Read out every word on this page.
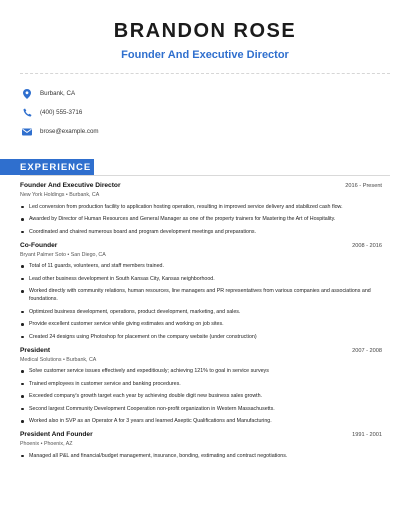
BRANDON ROSE
Founder And Executive Director
Burbank, CA
(400) 555-3716
brose@example.com
EXPERIENCE
Founder And Executive Director	2016 - Present
New York Holdings • Burbank, CA
Led conversion from production facility to application hosting operation, resulting in improved service delivery and stabilized cash flow.
Awarded by Director of Human Resources and General Manager as one of the property trainers for Mastering the Art of Hospitality.
Coordinated and chaired numerous board and program development meetings and preparations.
Co-Founder	2008 - 2016
Bryant Palmer Soto • San Diego, CA
Total of 11 guards, volunteers, and staff members trained.
Lead other business development in South Kansas City, Kansas neighborhood.
Worked directly with community relations, human resources, line managers and PR representatives from various companies and associations and foundations.
Optimized business development, operations, product development, marketing, and sales.
Provide excellent customer service while giving estimates and working on job sites.
Created 24 designs using Photoshop for placement on the company website (under construction)
President	2007 - 2008
Medical Solutions • Burbank, CA
Solve customer service issues effectively and expeditiously; achieving 121% to goal in service surveys
Trained employees in customer service and banking procedures.
Exceeded company's growth target each year by achieving double digit new business sales growth.
Second largest Community Development Cooperation non-profit organization in Western Massachusetts.
Worked also in SVP as an Operator A for 3 years and learned Aseptic Qualifications and Manufacturing.
President And Founder	1991 - 2001
Phoenix • Phoenix, AZ
Managed all P&L and financial/budget management, insurance, bonding, estimating and contract negotiations.
